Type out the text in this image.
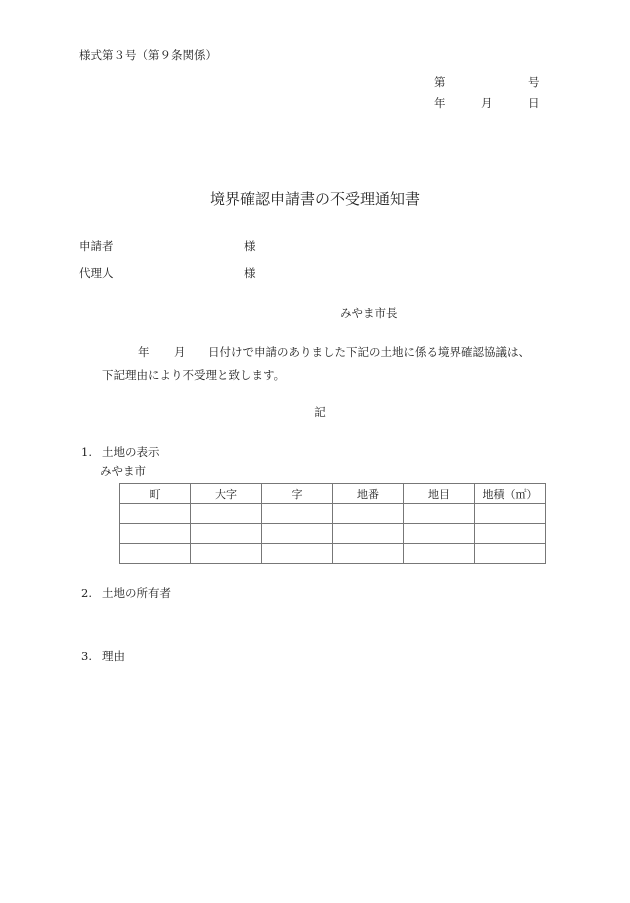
様式第３号（第９条関係）
第	号
年	月	日
境界確認申請書の不受理通知書
申請者	様
代理人	様
みやま市長
年 月 日付けで申請のありました下記の土地に係る境界確認協議は、
下記理由により不受理と致します。
記
1. 土地の表示
みやま市
町	大字	字	地番	地目	地積（㎡）

2. 土地の所有者
3. 理由
